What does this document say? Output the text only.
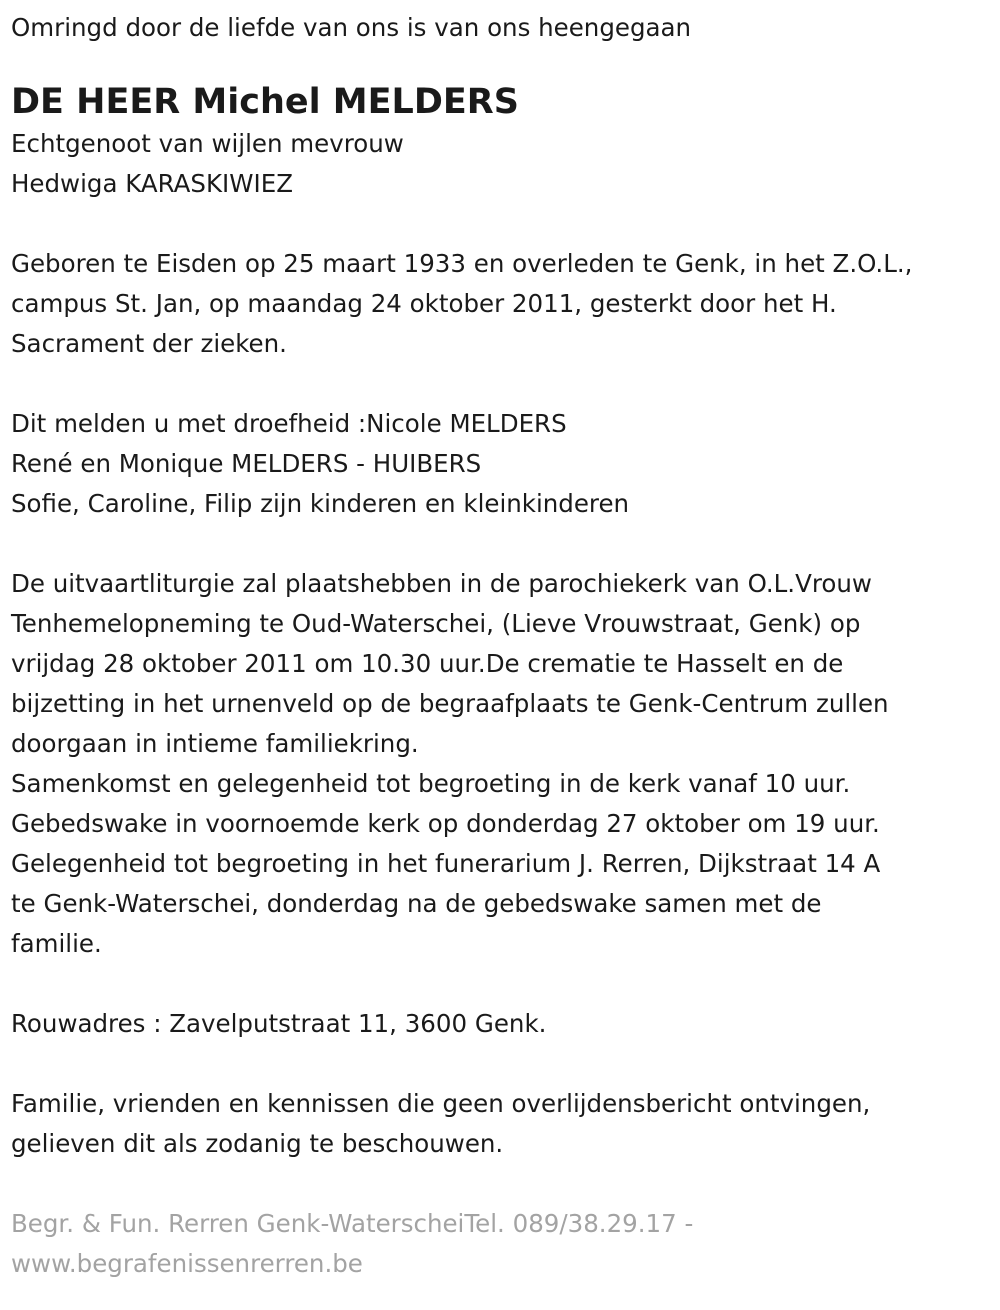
Omringd door de liefde van ons is van ons heengegaan
DE HEER Michel MELDERS
Echtgenoot van wijlen mevrouw
Hedwiga KARASKIWIEZ
Geboren te Eisden op 25 maart 1933 en overleden te Genk, in het Z.O.L.,
campus St. Jan, op maandag 24 oktober 2011, gesterkt door het H.
Sacrament der zieken.
Dit melden u met droefheid :Nicole MELDERS
René en Monique MELDERS - HUIBERS
Sofie, Caroline, Filip zijn kinderen en kleinkinderen
De uitvaartliturgie zal plaatshebben in de parochiekerk van O.L.Vrouw
Tenhemelopneming te Oud-Waterschei, (Lieve Vrouwstraat, Genk) op
vrijdag 28 oktober 2011 om 10.30 uur.De crematie te Hasselt en de
bijzetting in het urnenveld op de begraafplaats te Genk-Centrum zullen
doorgaan in intieme familiekring.
Samenkomst en gelegenheid tot begroeting in de kerk vanaf 10 uur.
Gebedswake in voornoemde kerk op donderdag 27 oktober om 19 uur.
Gelegenheid tot begroeting in het funerarium J. Rerren, Dijkstraat 14 A
te Genk-Waterschei, donderdag na de gebedswake samen met de
familie.
Rouwadres : Zavelputstraat 11, 3600 Genk.
Familie, vrienden en kennissen die geen overlijdensbericht ontvingen,
gelieven dit als zodanig te beschouwen.
Begr. & Fun. Rerren Genk-WaterscheiTel. 089/38.29.17 -
www.begrafenissenrerren.be
